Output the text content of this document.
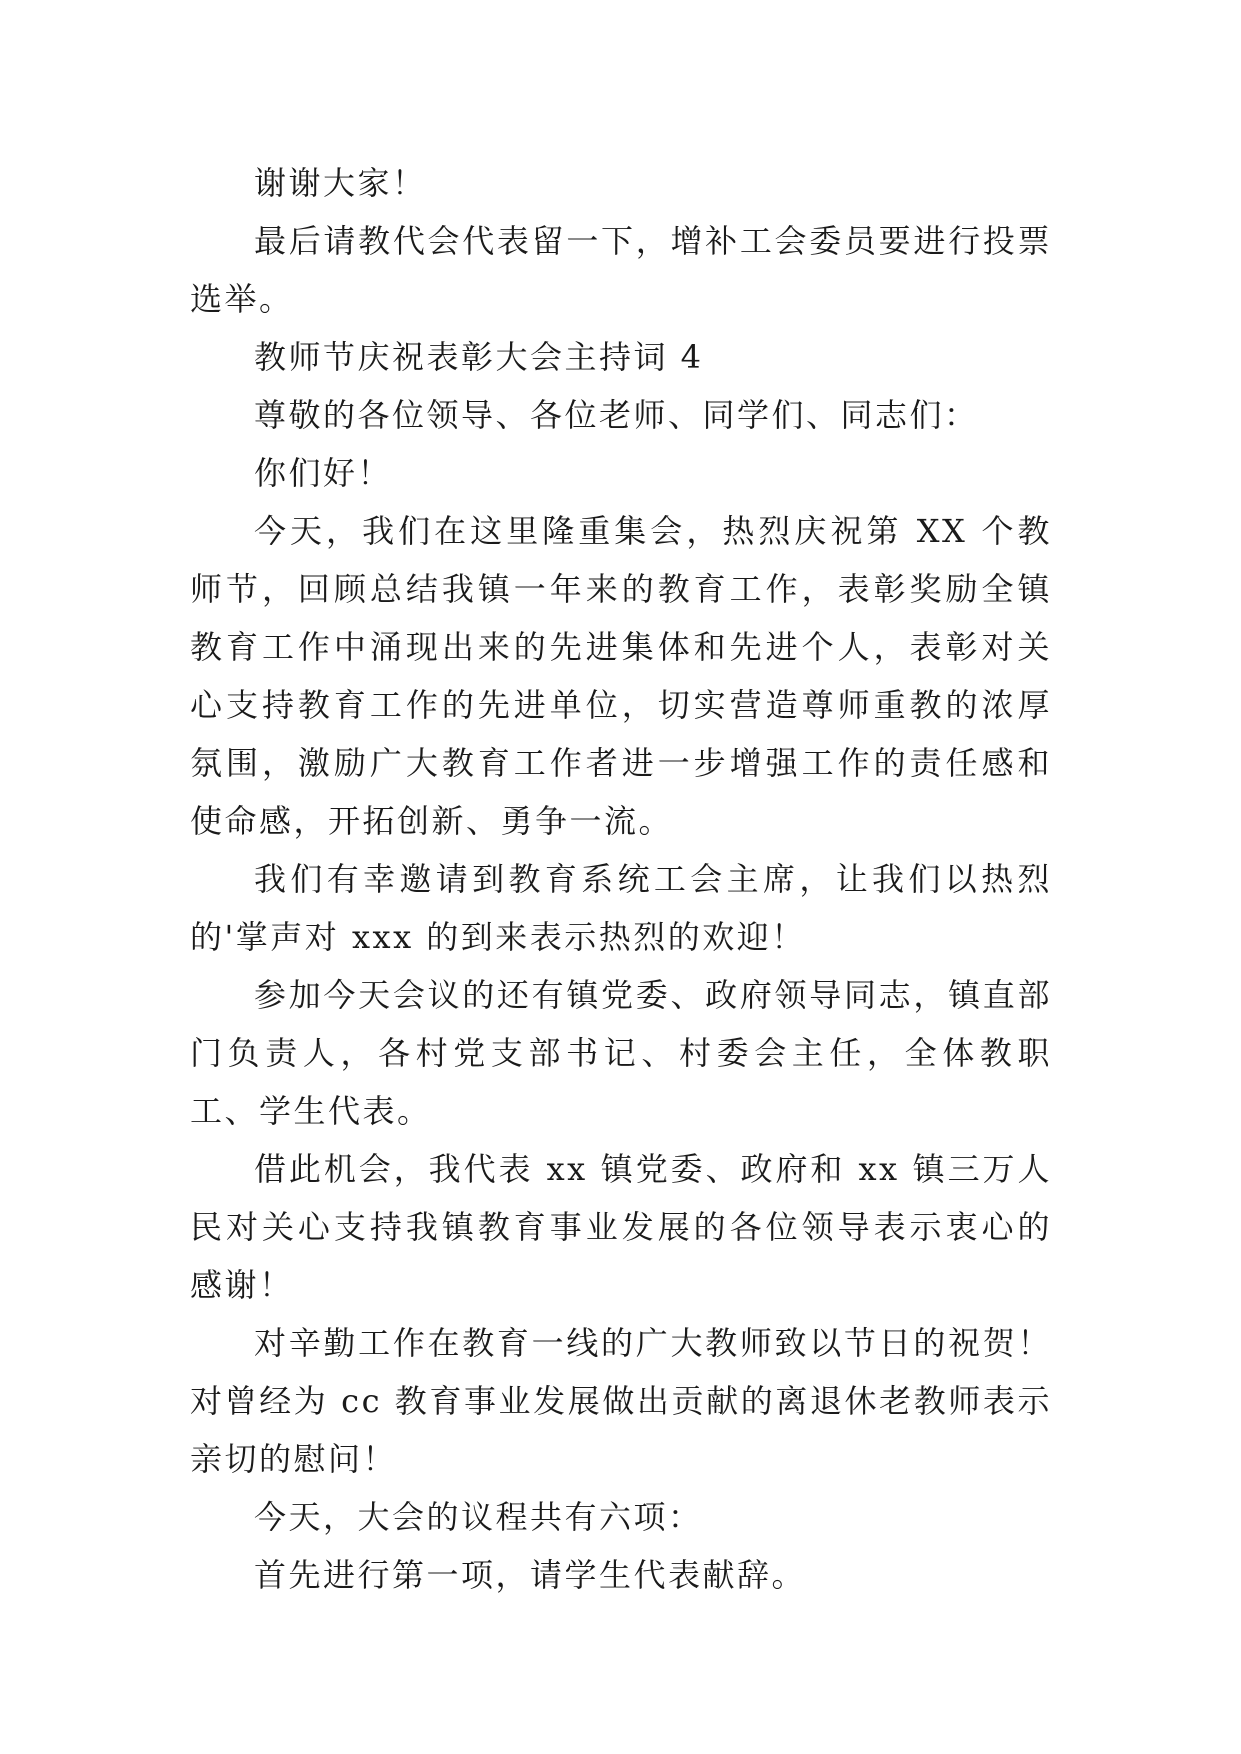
谢谢大家！

最后请教代会代表留一下，增补工会委员要进行投票选举。

教师节庆祝表彰大会主持词 4

尊敬的各位领导、各位老师、同学们、同志们：

你们好！

今天，我们在这里隆重集会，热烈庆祝第 XX 个教师节，回顾总结我镇一年来的教育工作，表彰奖励全镇教育工作中涌现出来的先进集体和先进个人，表彰对关心支持教育工作的先进单位，切实营造尊师重教的浓厚氛围，激励广大教育工作者进一步增强工作的责任感和使命感，开拓创新、勇争一流。

我们有幸邀请到教育系统工会主席，让我们以热烈的'掌声对 xxx 的到来表示热烈的欢迎！

参加今天会议的还有镇党委、政府领导同志，镇直部门负责人，各村党支部书记、村委会主任，全体教职工、学生代表。

借此机会，我代表 xx 镇党委、政府和 xx 镇三万人民对关心支持我镇教育事业发展的各位领导表示衷心的感谢！

对辛勤工作在教育一线的广大教师致以节日的祝贺！对曾经为 cc 教育事业发展做出贡献的离退休老教师表示亲切的慰问！

今天，大会的议程共有六项：

首先进行第一项，请学生代表献辞。
